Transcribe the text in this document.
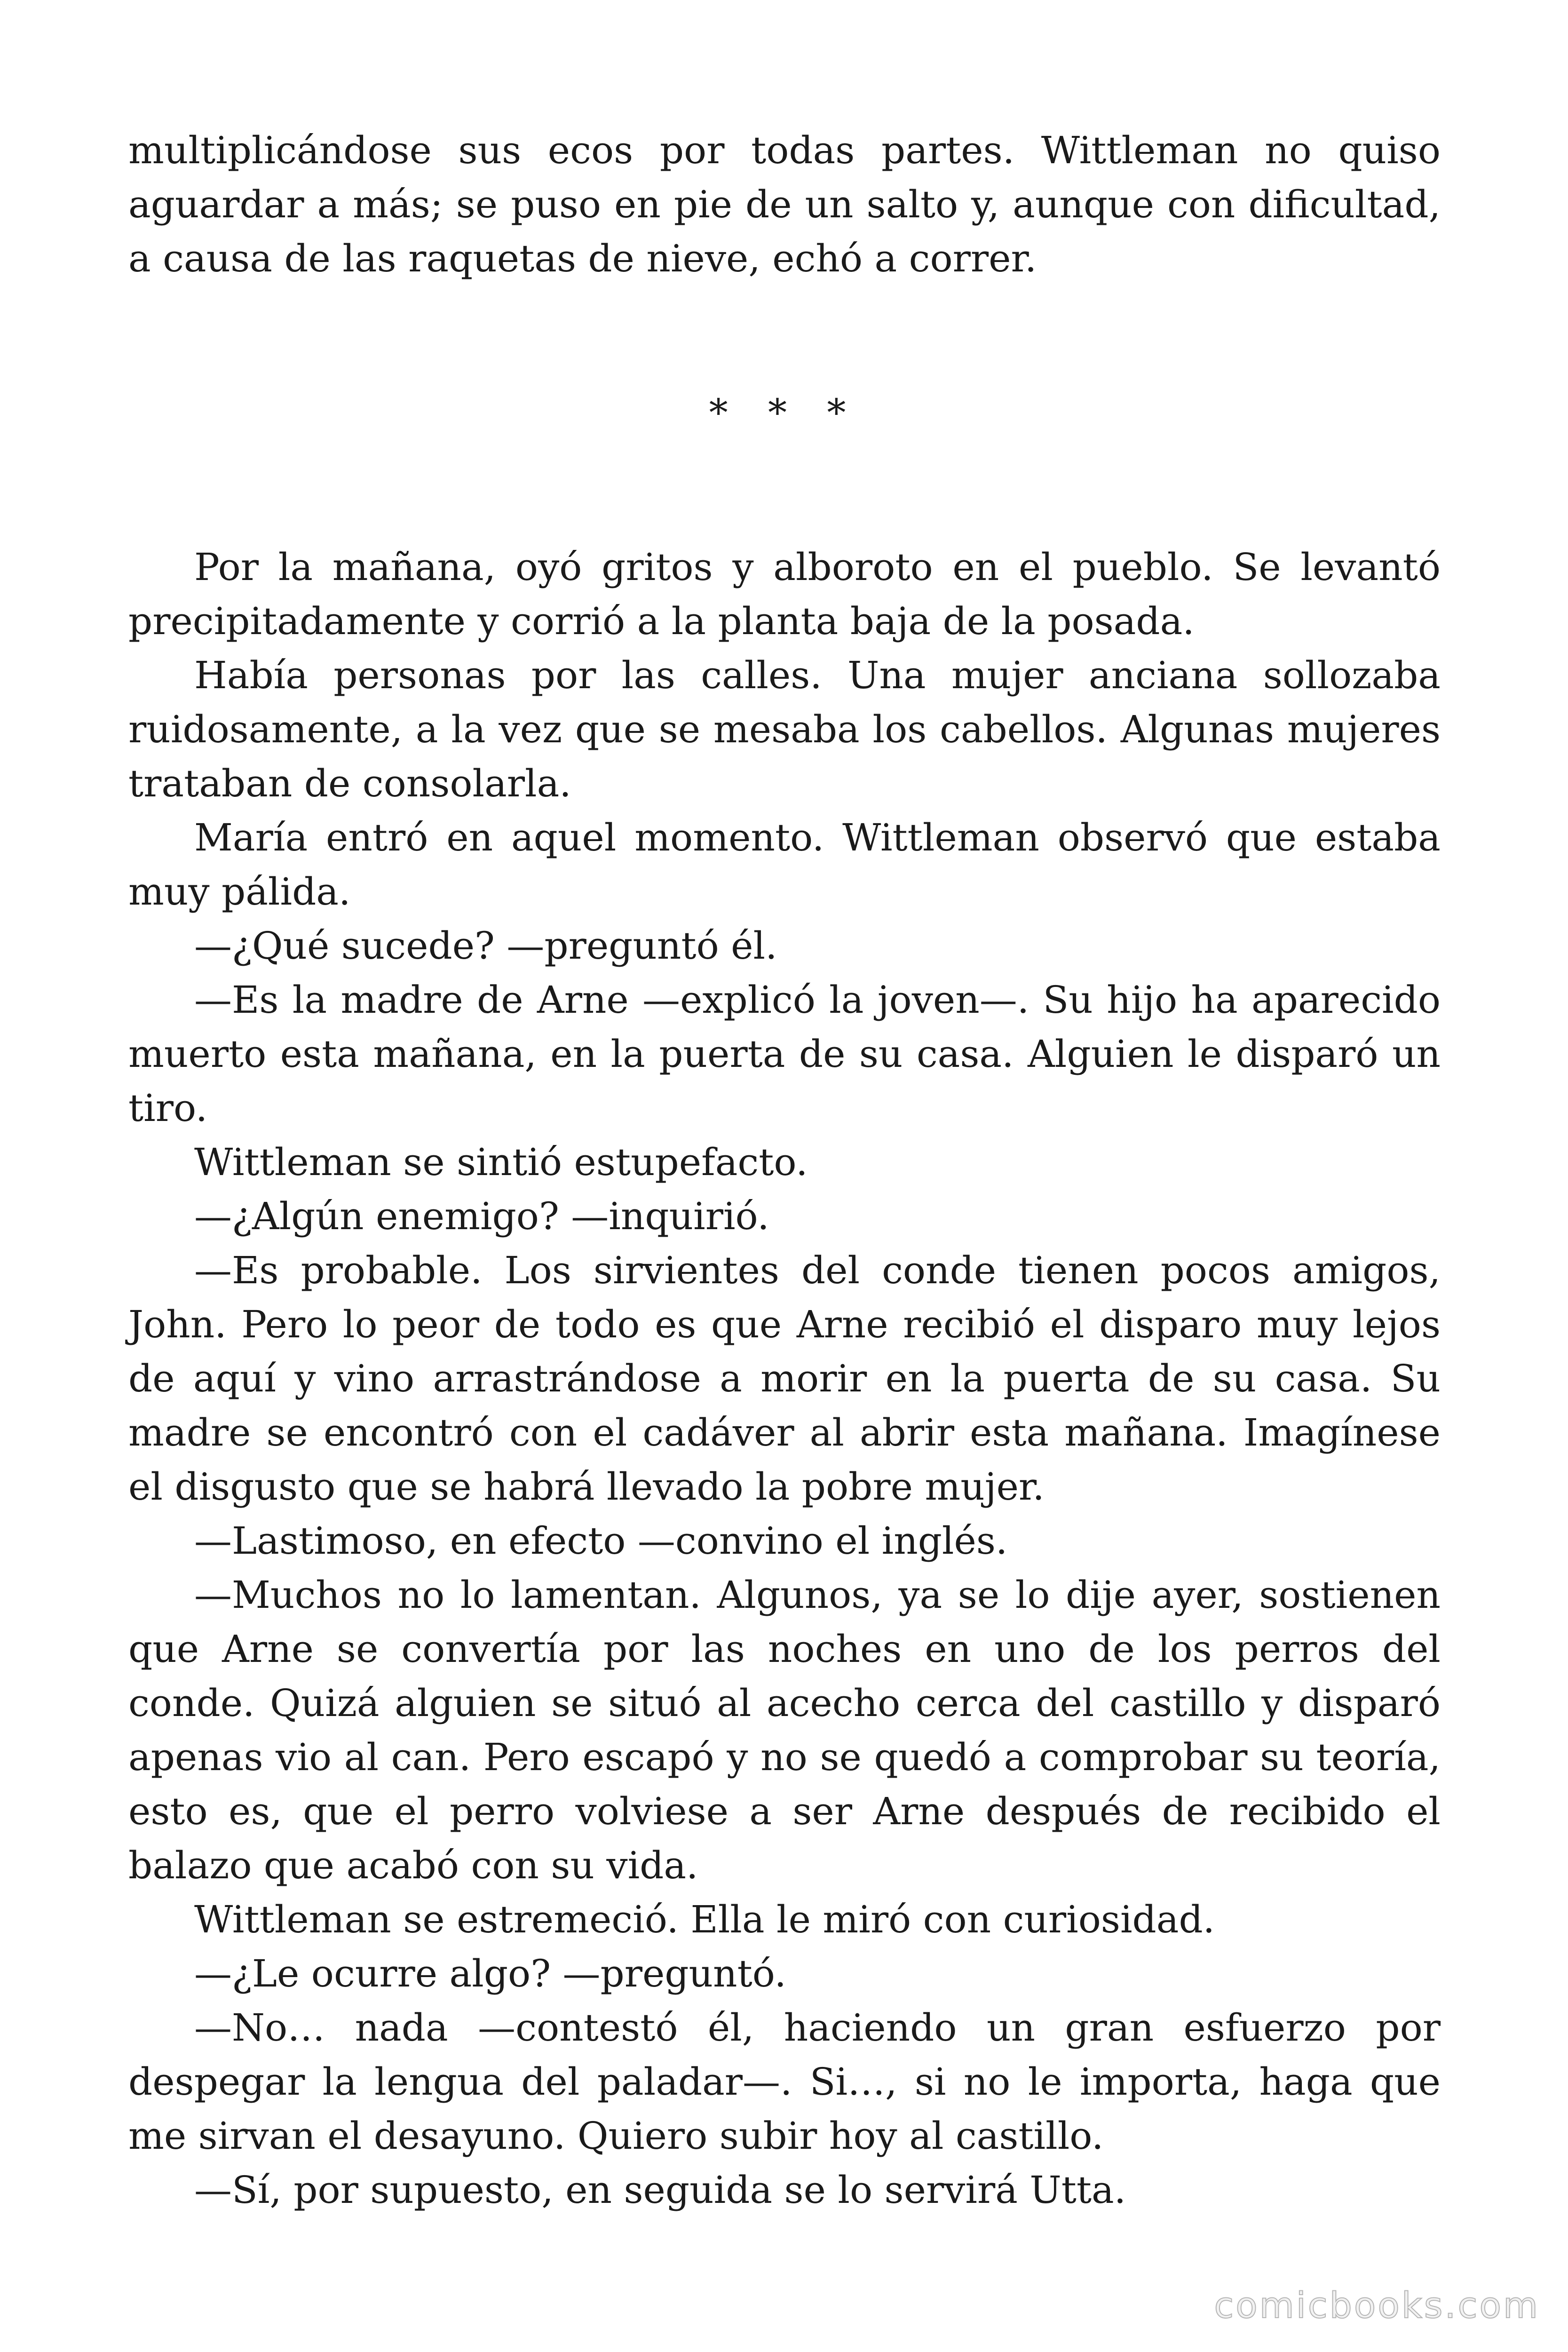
multiplicándose sus ecos por todas partes. Wittleman no quiso aguardar a más; se puso en pie de un salto y, aunque con dificultad, a causa de las raquetas de nieve, echó a correr.

* * *

Por la mañana, oyó gritos y alboroto en el pueblo. Se levantó precipitadamente y corrió a la planta baja de la posada.

Había personas por las calles. Una mujer anciana sollozaba ruidosamente, a la vez que se mesaba los cabellos. Algunas mujeres trataban de consolarla.

María entró en aquel momento. Wittleman observó que estaba muy pálida.

—¿Qué sucede? —preguntó él.

—Es la madre de Arne —explicó la joven—. Su hijo ha aparecido muerto esta mañana, en la puerta de su casa. Alguien le disparó un tiro.

Wittleman se sintió estupefacto.

—¿Algún enemigo? —inquirió.

—Es probable. Los sirvientes del conde tienen pocos amigos, John. Pero lo peor de todo es que Arne recibió el disparo muy lejos de aquí y vino arrastrándose a morir en la puerta de su casa. Su madre se encontró con el cadáver al abrir esta mañana. Imagínese el disgusto que se habrá llevado la pobre mujer.

—Lastimoso, en efecto —convino el inglés.

—Muchos no lo lamentan. Algunos, ya se lo dije ayer, sostienen que Arne se convertía por las noches en uno de los perros del conde. Quizá alguien se situó al acecho cerca del castillo y disparó apenas vio al can. Pero escapó y no se quedó a comprobar su teoría, esto es, que el perro volviese a ser Arne después de recibido el balazo que acabó con su vida.

Wittleman se estremeció. Ella le miró con curiosidad.

—¿Le ocurre algo? —preguntó.

—No… nada —contestó él, haciendo un gran esfuerzo por despegar la lengua del paladar—. Si…, si no le importa, haga que me sirvan el desayuno. Quiero subir hoy al castillo.

—Sí, por supuesto, en seguida se lo servirá Utta.

comicbooks.com
